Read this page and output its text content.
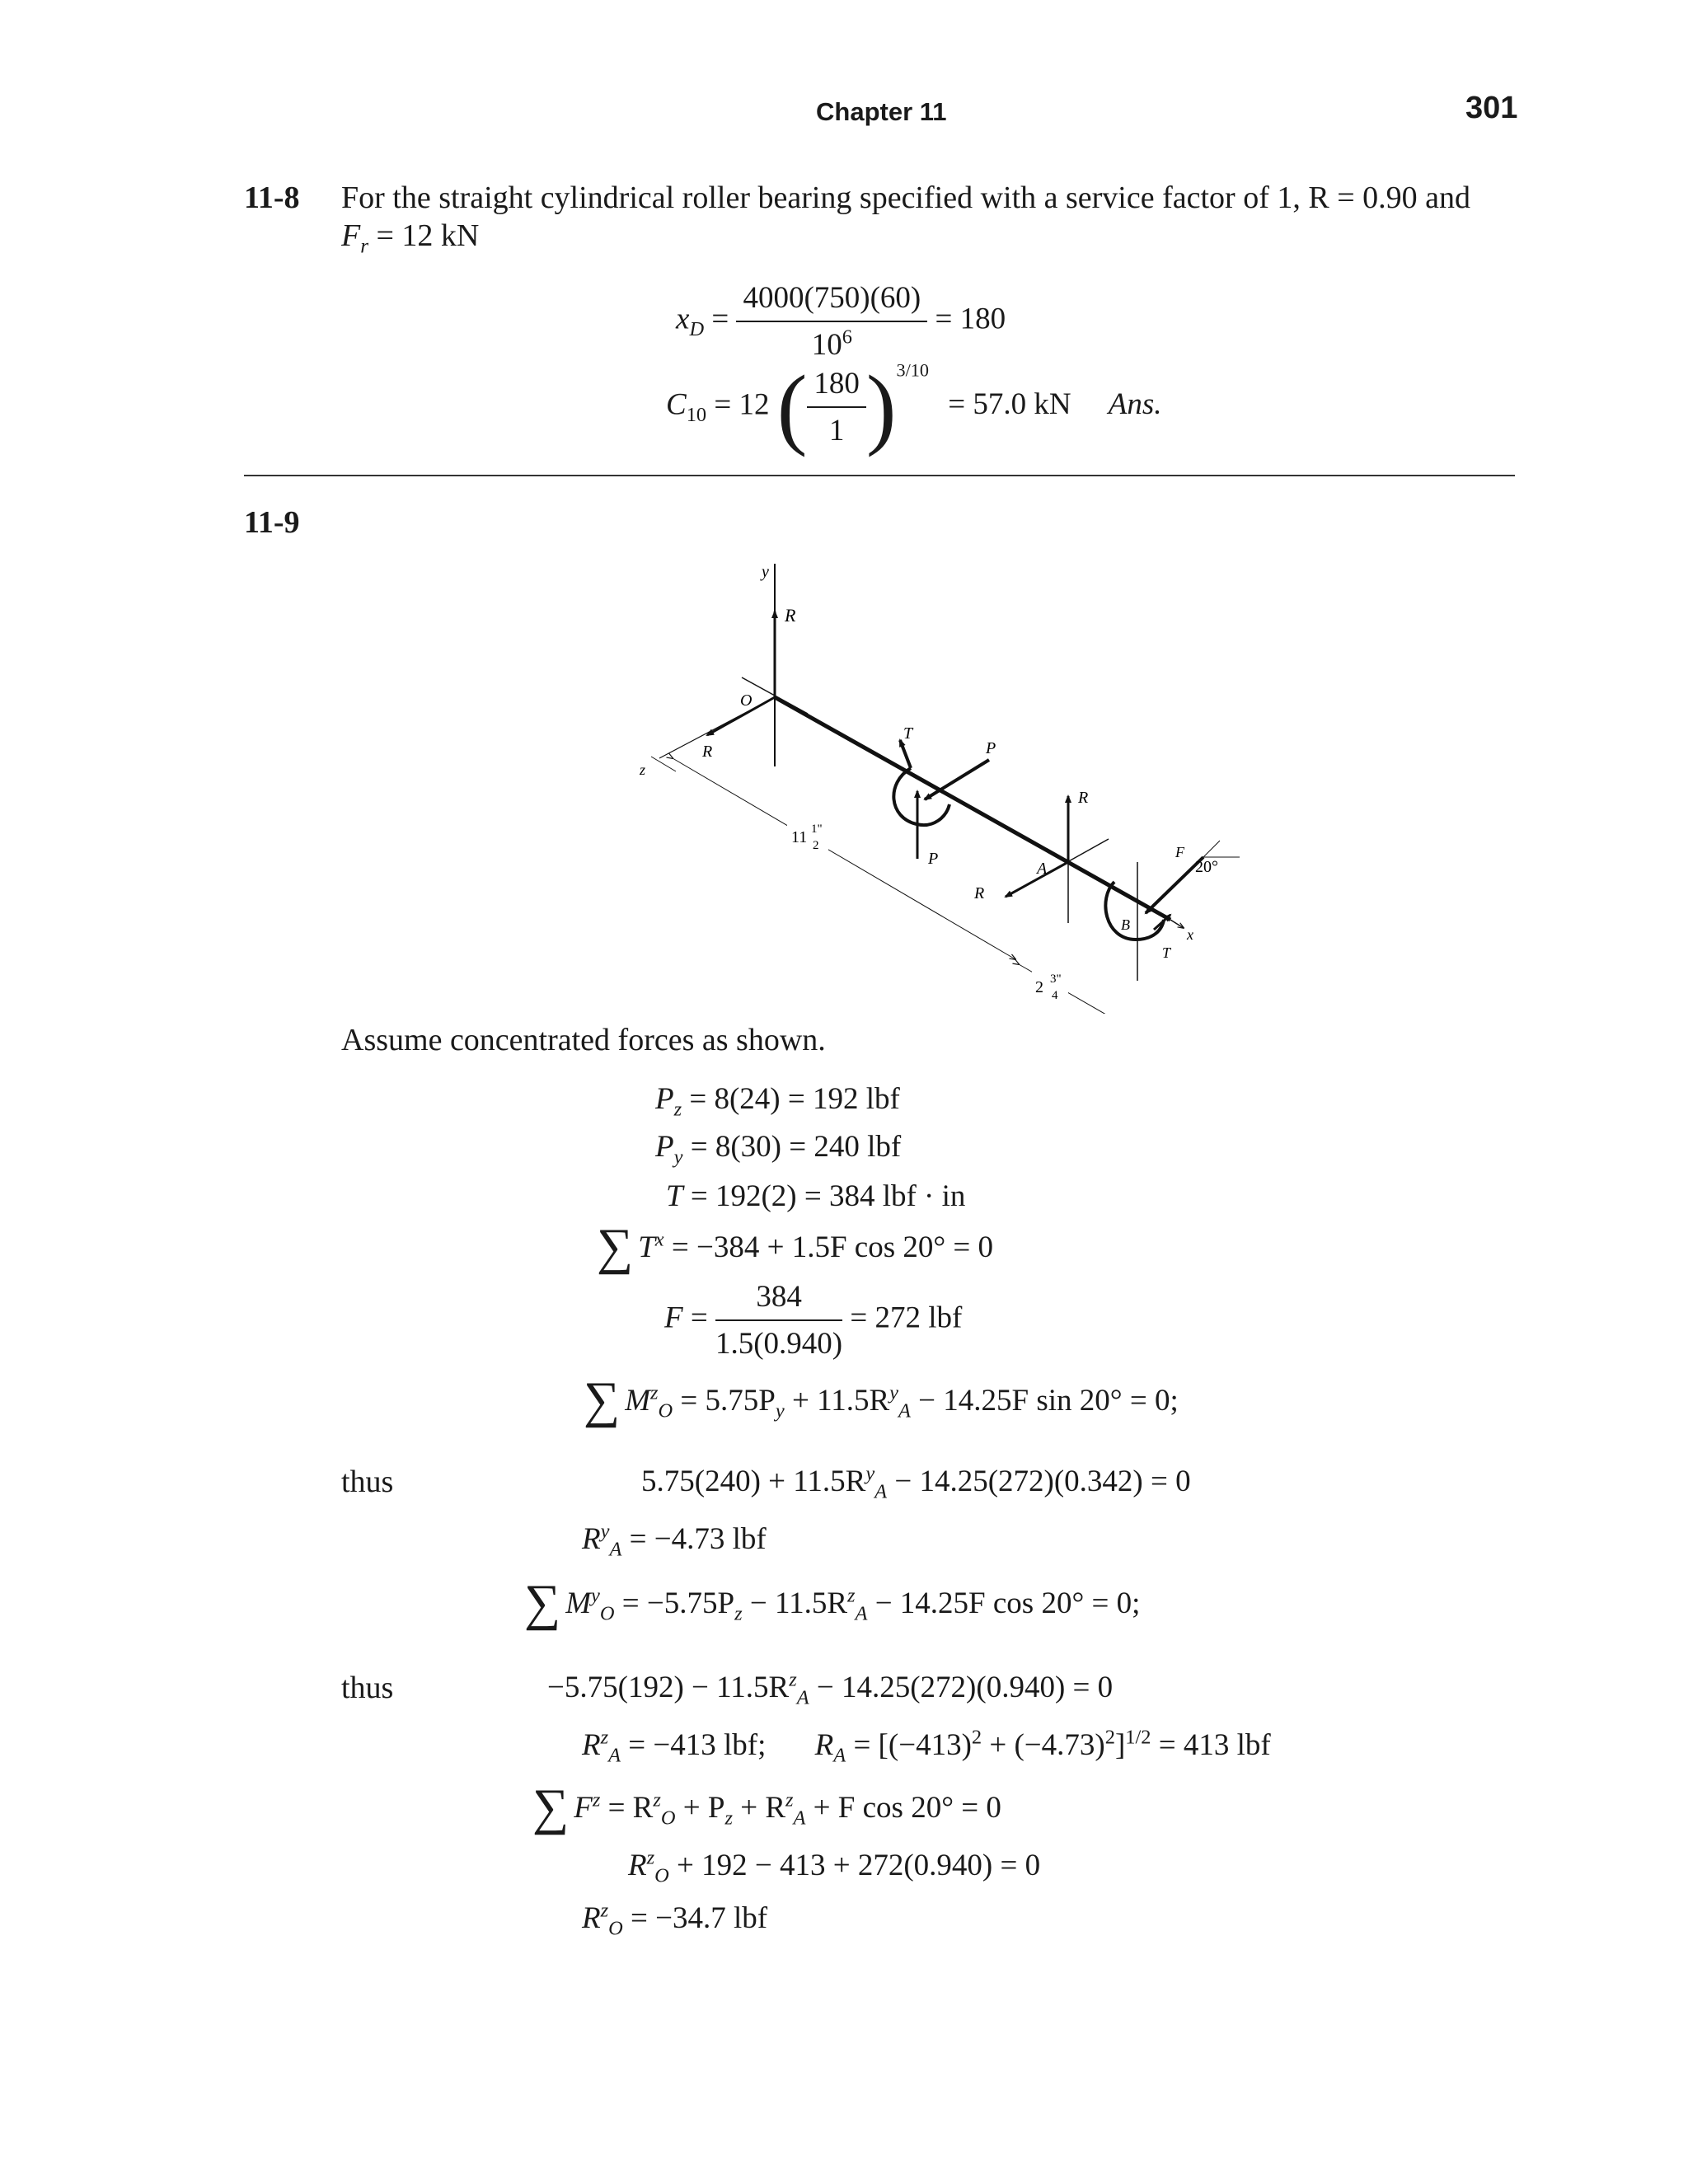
Chapter 11	301
11-8 For the straight cylindrical roller bearing specified with a service factor of 1, R = 0.90 and
$F_r = 12$ kN
$x_D = \frac{4000(750)(60)}{10^6} = 180$
$C_{10} = 12$ ( $\frac{180}{1} )^{3/10} = 57.0$ kN Ans.
11-9
y
R
O
R
z
T
P
P
A
R
R
B
T
x
F
20°
11 1"
2
2 3"
4
Assume concentrated forces as shown.
$P_z = 8(24) = 192$ lbf
$P_y = 8(30) = 240$ lbf
T = 192(2) = 384 lbf · in
∑ $T^x = -384 + 1.5F$ cos 20° = 0
$F = \frac{384}{1.5(0.940)} = 272$ lbf
∑ $M^z_O = 5.75P_y + 11.5R^y_A - 14.25F$ sin 20° = 0;
thus	$5.75(240) + 11.5R^y_A - 14.25(272)(0.342) = 0$
$R^y_A = -4.73$ lbf
∑ $M^y_O = -5.75P_z - 11.5R^z_A - 14.25F$ cos 20° = 0;
thus	$-5.75(192) - 11.5R^z_A - 14.25(272)(0.940) = 0$
$R^z_A = -413$ lbf; $R_A = [(-413)^2 + (-4.73)^2]^{1/2} = 413$ lbf
∑ $F^z = R^z_O + P_z + R^z_A + F$ cos 20° = 0
$R^z_O + 192 - 413 + 272(0.940) = 0$
$R^z_O = -34.7$ lbf
